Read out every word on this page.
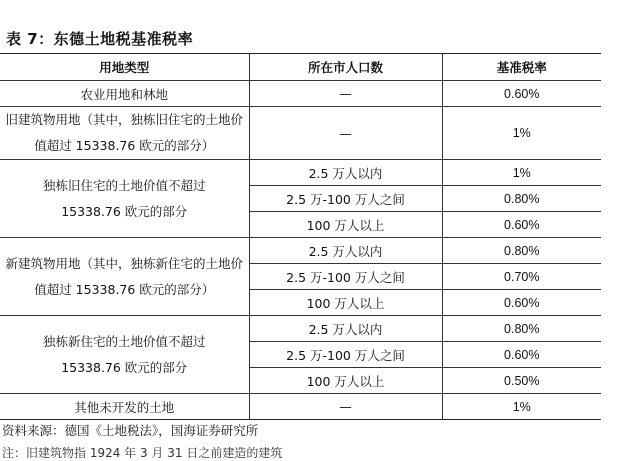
表 7：东德土地税基准税率
用地类型	所在市人口数	基准税率
农业用地和林地	—	0.60%
旧建筑物用地（其中，独栋旧住宅的土地价值超过 15338.76 欧元的部分）	—	1%
独栋旧住宅的土地价值不超过15338.76 欧元的部分	2.5 万人以内	1%
	2.5 万-100 万人之间	0.80%
	100 万人以上	0.60%
新建筑物用地（其中，独栋新住宅的土地价值超过 15338.76 欧元的部分）	2.5 万人以内	0.80%
	2.5 万-100 万人之间	0.70%
	100 万人以上	0.60%
独栋新住宅的土地价值不超过15338.76 欧元的部分	2.5 万人以内	0.80%
	2.5 万-100 万人之间	0.60%
	100 万人以上	0.50%
其他未开发的土地	—	1%
资料来源：德国《土地税法》，国海证券研究所
注：旧建筑物指 1924 年 3 月 31 日之前建造的建筑
